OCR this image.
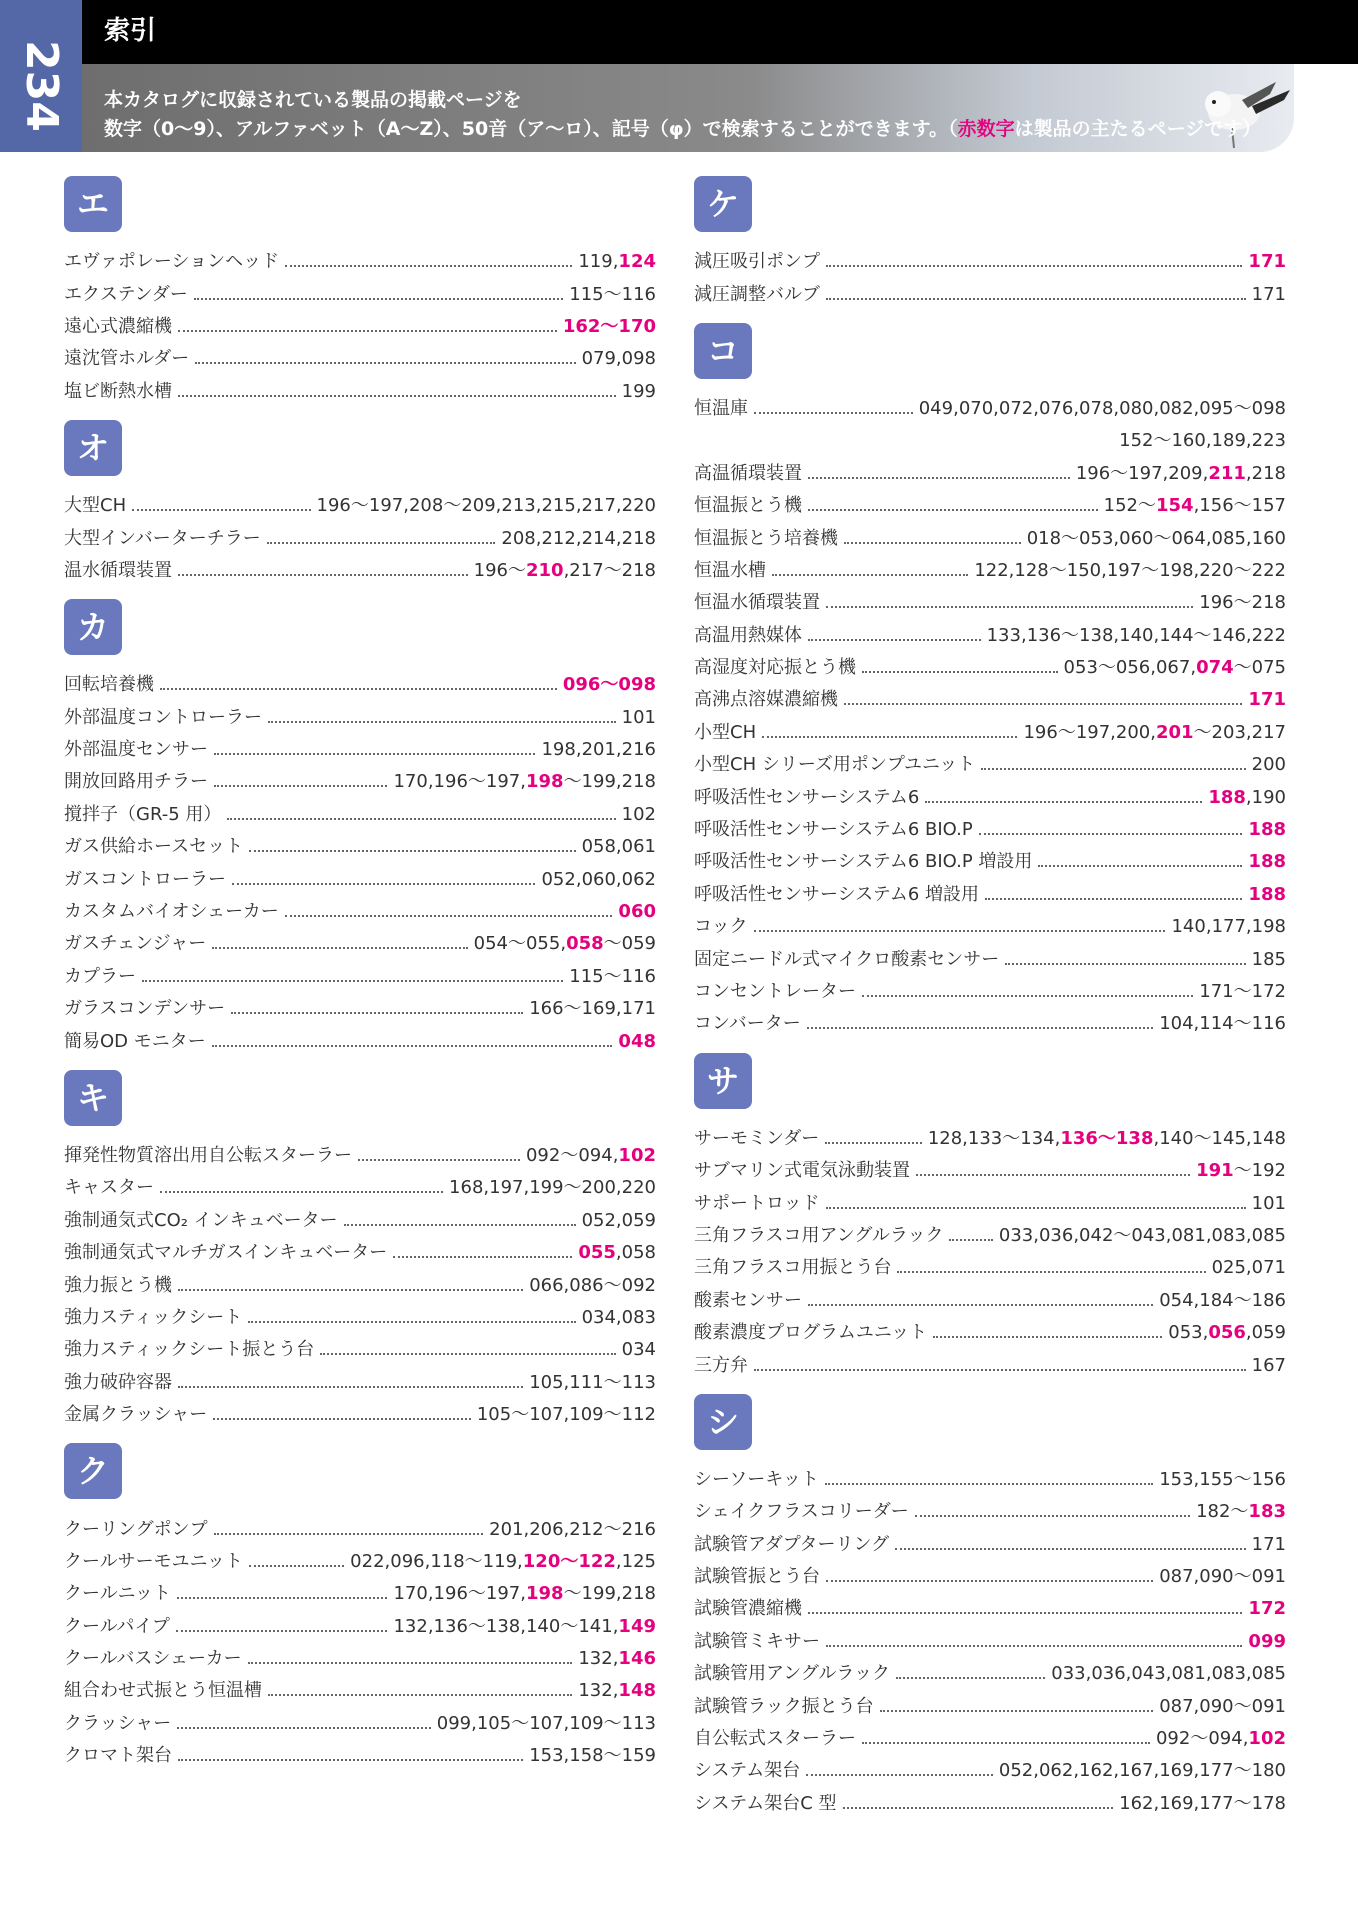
234
索引
本カタログに収録されている製品の掲載ページを
数字（0～9）、アルファベット（A～Z）、50音（ア～ロ）、記号（φ）で検索することができます。（赤数字は製品の主たるページです）
エ
エヴァポレーションヘッド	119,124
エクステンダー	115～116
遠心式濃縮機	162～170
遠沈管ホルダー	079,098
塩ビ断熱水槽	199
オ
大型CH	196～197,208～209,213,215,217,220
大型インバーターチラー	208,212,214,218
温水循環装置	196～210,217～218
カ
回転培養機	096～098
外部温度コントローラー	101
外部温度センサー	198,201,216
開放回路用チラー	170,196～197,198～199,218
撹拌子（GR-5 用）	102
ガス供給ホースセット	058,061
ガスコントローラー	052,060,062
カスタムバイオシェーカー	060
ガスチェンジャー	054～055,058～059
カプラー	115～116
ガラスコンデンサー	166～169,171
簡易OD モニター	048
キ
揮発性物質溶出用自公転スターラー	092～094,102
キャスター	168,197,199～200,220
強制通気式CO₂ インキュベーター	052,059
強制通気式マルチガスインキュベーター	055,058
強力振とう機	066,086～092
強力スティックシート	034,083
強力スティックシート振とう台	034
強力破砕容器	105,111～113
金属クラッシャー	105～107,109～112
ク
クーリングポンプ	201,206,212～216
クールサーモユニット	022,096,118～119,120～122,125
クールニット	170,196～197,198～199,218
クールパイプ	132,136～138,140～141,149
クールバスシェーカー	132,146
組合わせ式振とう恒温槽	132,148
クラッシャー	099,105～107,109～113
クロマト架台	153,158～159
ケ
減圧吸引ポンプ	171
減圧調整バルブ	171
コ
恒温庫	049,070,072,076,078,080,082,095～098
152～160,189,223
高温循環装置	196～197,209,211,218
恒温振とう機	152～154,156～157
恒温振とう培養機	018～053,060～064,085,160
恒温水槽	122,128～150,197～198,220～222
恒温水循環装置	196～218
高温用熱媒体	133,136～138,140,144～146,222
高湿度対応振とう機	053～056,067,074～075
高沸点溶媒濃縮機	171
小型CH	196～197,200,201～203,217
小型CH シリーズ用ポンプユニット	200
呼吸活性センサーシステム6	188,190
呼吸活性センサーシステム6 BIO.P	188
呼吸活性センサーシステム6 BIO.P 増設用	188
呼吸活性センサーシステム6 増設用	188
コック	140,177,198
固定ニードル式マイクロ酸素センサー	185
コンセントレーター	171～172
コンバーター	104,114～116
サ
サーモミンダー	128,133～134,136～138,140～145,148
サブマリン式電気泳動装置	191～192
サポートロッド	101
三角フラスコ用アングルラック	033,036,042～043,081,083,085
三角フラスコ用振とう台	025,071
酸素センサー	054,184～186
酸素濃度プログラムユニット	053,056,059
三方弁	167
シ
シーソーキット	153,155～156
シェイクフラスコリーダー	182～183
試験管アダプターリング	171
試験管振とう台	087,090～091
試験管濃縮機	172
試験管ミキサー	099
試験管用アングルラック	033,036,043,081,083,085
試験管ラック振とう台	087,090～091
自公転式スターラー	092～094,102
システム架台	052,062,162,167,169,177～180
システム架台C 型	162,169,177～178
